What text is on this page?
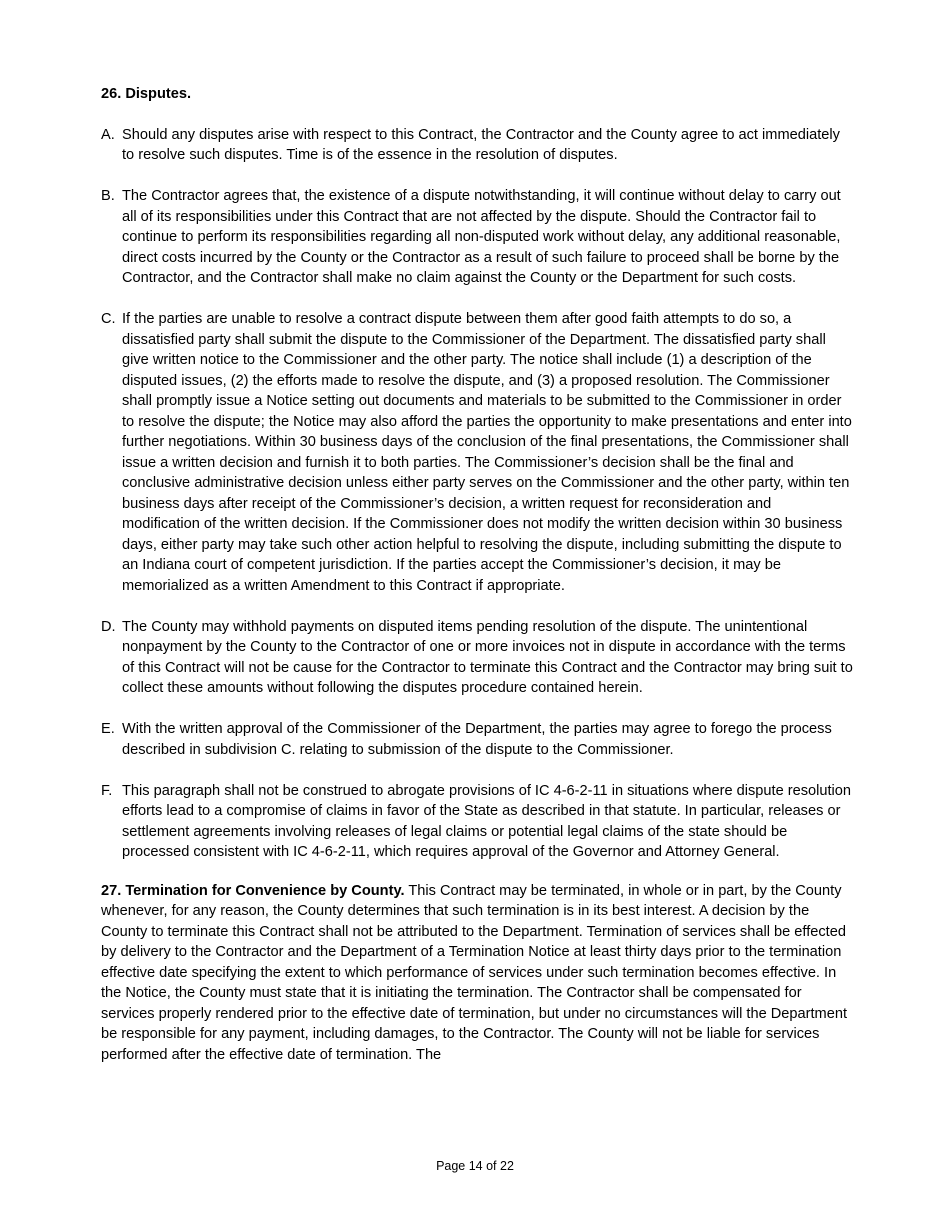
26. Disputes.

A. Should any disputes arise with respect to this Contract, the Contractor and the County agree to act immediately to resolve such disputes. Time is of the essence in the resolution of disputes.
B. The Contractor agrees that, the existence of a dispute notwithstanding, it will continue without delay to carry out all of its responsibilities under this Contract that are not affected by the dispute. Should the Contractor fail to continue to perform its responsibilities regarding all non-disputed work without delay, any additional reasonable, direct costs incurred by the County or the Contractor as a result of such failure to proceed shall be borne by the Contractor, and the Contractor shall make no claim against the County or the Department for such costs.
C. If the parties are unable to resolve a contract dispute between them after good faith attempts to do so, a dissatisfied party shall submit the dispute to the Commissioner of the Department. The dissatisfied party shall give written notice to the Commissioner and the other party. The notice shall include (1) a description of the disputed issues, (2) the efforts made to resolve the dispute, and (3) a proposed resolution. The Commissioner shall promptly issue a Notice setting out documents and materials to be submitted to the Commissioner in order to resolve the dispute; the Notice may also afford the parties the opportunity to make presentations and enter into further negotiations. Within 30 business days of the conclusion of the final presentations, the Commissioner shall issue a written decision and furnish it to both parties. The Commissioner’s decision shall be the final and conclusive administrative decision unless either party serves on the Commissioner and the other party, within ten business days after receipt of the Commissioner’s decision, a written request for reconsideration and modification of the written decision. If the Commissioner does not modify the written decision within 30 business days, either party may take such other action helpful to resolving the dispute, including submitting the dispute to an Indiana court of competent jurisdiction. If the parties accept the Commissioner’s decision, it may be memorialized as a written Amendment to this Contract if appropriate.
D. The County may withhold payments on disputed items pending resolution of the dispute. The unintentional nonpayment by the County to the Contractor of one or more invoices not in dispute in accordance with the terms of this Contract will not be cause for the Contractor to terminate this Contract and the Contractor may bring suit to collect these amounts without following the disputes procedure contained herein.
E. With the written approval of the Commissioner of the Department, the parties may agree to forego the process described in subdivision C. relating to submission of the dispute to the Commissioner.
F. This paragraph shall not be construed to abrogate provisions of IC 4-6-2-11 in situations where dispute resolution efforts lead to a compromise of claims in favor of the State as described in that statute. In particular, releases or settlement agreements involving releases of legal claims or potential legal claims of the state should be processed consistent with IC 4-6-2-11, which requires approval of the Governor and Attorney General.

27. Termination for Convenience by County. This Contract may be terminated, in whole or in part, by the County whenever, for any reason, the County determines that such termination is in its best interest. A decision by the County to terminate this Contract shall not be attributed to the Department. Termination of services shall be effected by delivery to the Contractor and the Department of a Termination Notice at least thirty days prior to the termination effective date specifying the extent to which performance of services under such termination becomes effective. In the Notice, the County must state that it is initiating the termination. The Contractor shall be compensated for services properly rendered prior to the effective date of termination, but under no circumstances will the Department be responsible for any payment, including damages, to the Contractor. The County will not be liable for services performed after the effective date of termination. The

Page 14 of 22
